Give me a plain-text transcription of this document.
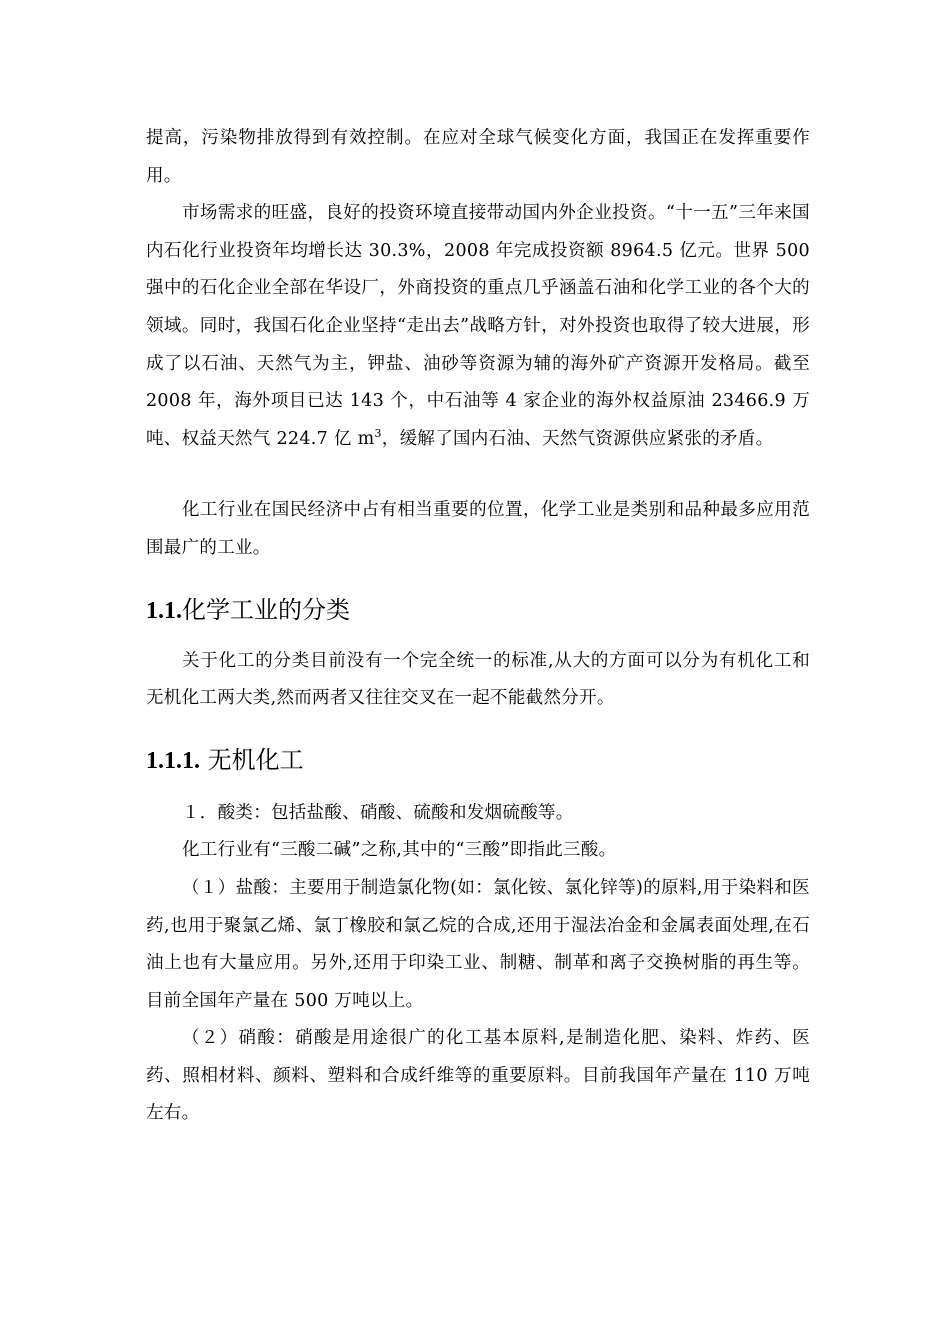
提高，污染物排放得到有效控制。在应对全球气候变化方面，我国正在发挥重要作用。

市场需求的旺盛，良好的投资环境直接带动国内外企业投资。“十一五”三年来国内石化行业投资年均增长达 30.3%，2008 年完成投资额 8964.5 亿元。世界 500 强中的石化企业全部在华设厂，外商投资的重点几乎涵盖石油和化学工业的各个大的领域。同时，我国石化企业坚持“走出去”战略方针，对外投资也取得了较大进展，形成了以石油、天然气为主，钾盐、油砂等资源为辅的海外矿产资源开发格局。截至 2008 年，海外项目已达 143 个，中石油等 4 家企业的海外权益原油 23466.9 万吨、权益天然气 224.7 亿 $m^3$，缓解了国内石油、天然气资源供应紧张的矛盾。

化工行业在国民经济中占有相当重要的位置，化学工业是类别和品种最多应用范围最广的工业。

1.1.化学工业的分类

关于化工的分类目前没有一个完全统一的标准,从大的方面可以分为有机化工和无机化工两大类,然而两者又往往交叉在一起不能截然分开。

1.1.1. 无机化工

１．酸类：包括盐酸、硝酸、硫酸和发烟硫酸等。

化工行业有“三酸二碱”之称,其中的“三酸”即指此三酸。

（１）盐酸：主要用于制造氯化物(如：氯化铵、氯化锌等)的原料,用于染料和医药,也用于聚氯乙烯、氯丁橡胶和氯乙烷的合成,还用于湿法冶金和金属表面处理,在石油上也有大量应用。另外,还用于印染工业、制糖、制革和离子交换树脂的再生等。目前全国年产量在 500 万吨以上。

（２）硝酸：硝酸是用途很广的化工基本原料,是制造化肥、染料、炸药、医药、照相材料、颜料、塑料和合成纤维等的重要原料。目前我国年产量在 110 万吨左右。
